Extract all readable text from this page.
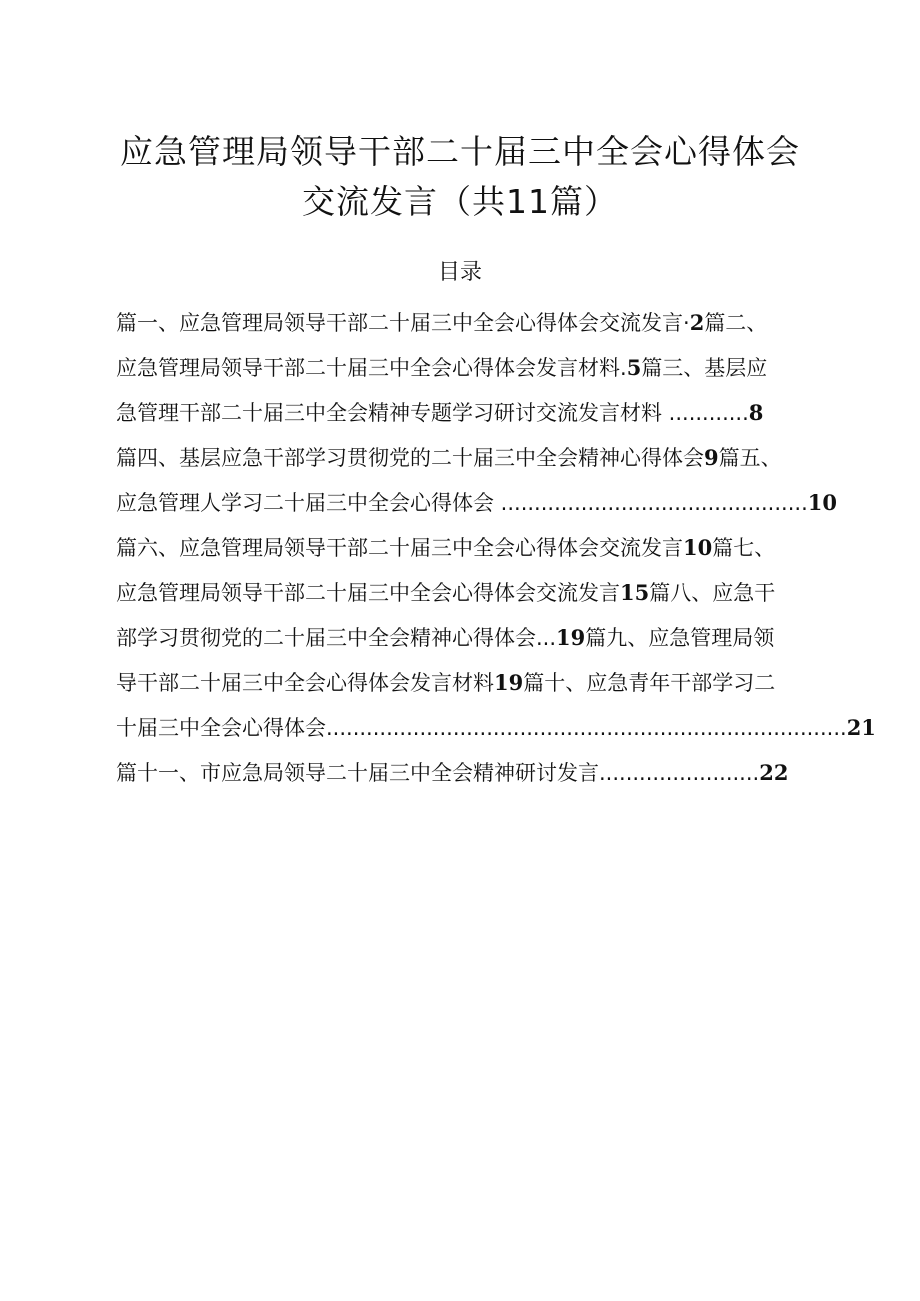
应急管理局领导干部二十届三中全会心得体会
交流发言（共11篇）
目录
篇一、应急管理局领导干部二十届三中全会心得体会交流发言·2篇二、
应急管理局领导干部二十届三中全会心得体会发言材料.5篇三、基层应
急管理干部二十届三中全会精神专题学习研讨交流发言材料 ............8
篇四、基层应急干部学习贯彻党的二十届三中全会精神心得体会9篇五、
应急管理人学习二十届三中全会心得体会 ..............................................10
篇六、应急管理局领导干部二十届三中全会心得体会交流发言10篇七、
应急管理局领导干部二十届三中全会心得体会交流发言15篇八、应急干
部学习贯彻党的二十届三中全会精神心得体会...19篇九、应急管理局领
导干部二十届三中全会心得体会发言材料19篇十、应急青年干部学习二
十届三中全会心得体会..............................................................................21
篇十一、市应急局领导二十届三中全会精神研讨发言........................22
